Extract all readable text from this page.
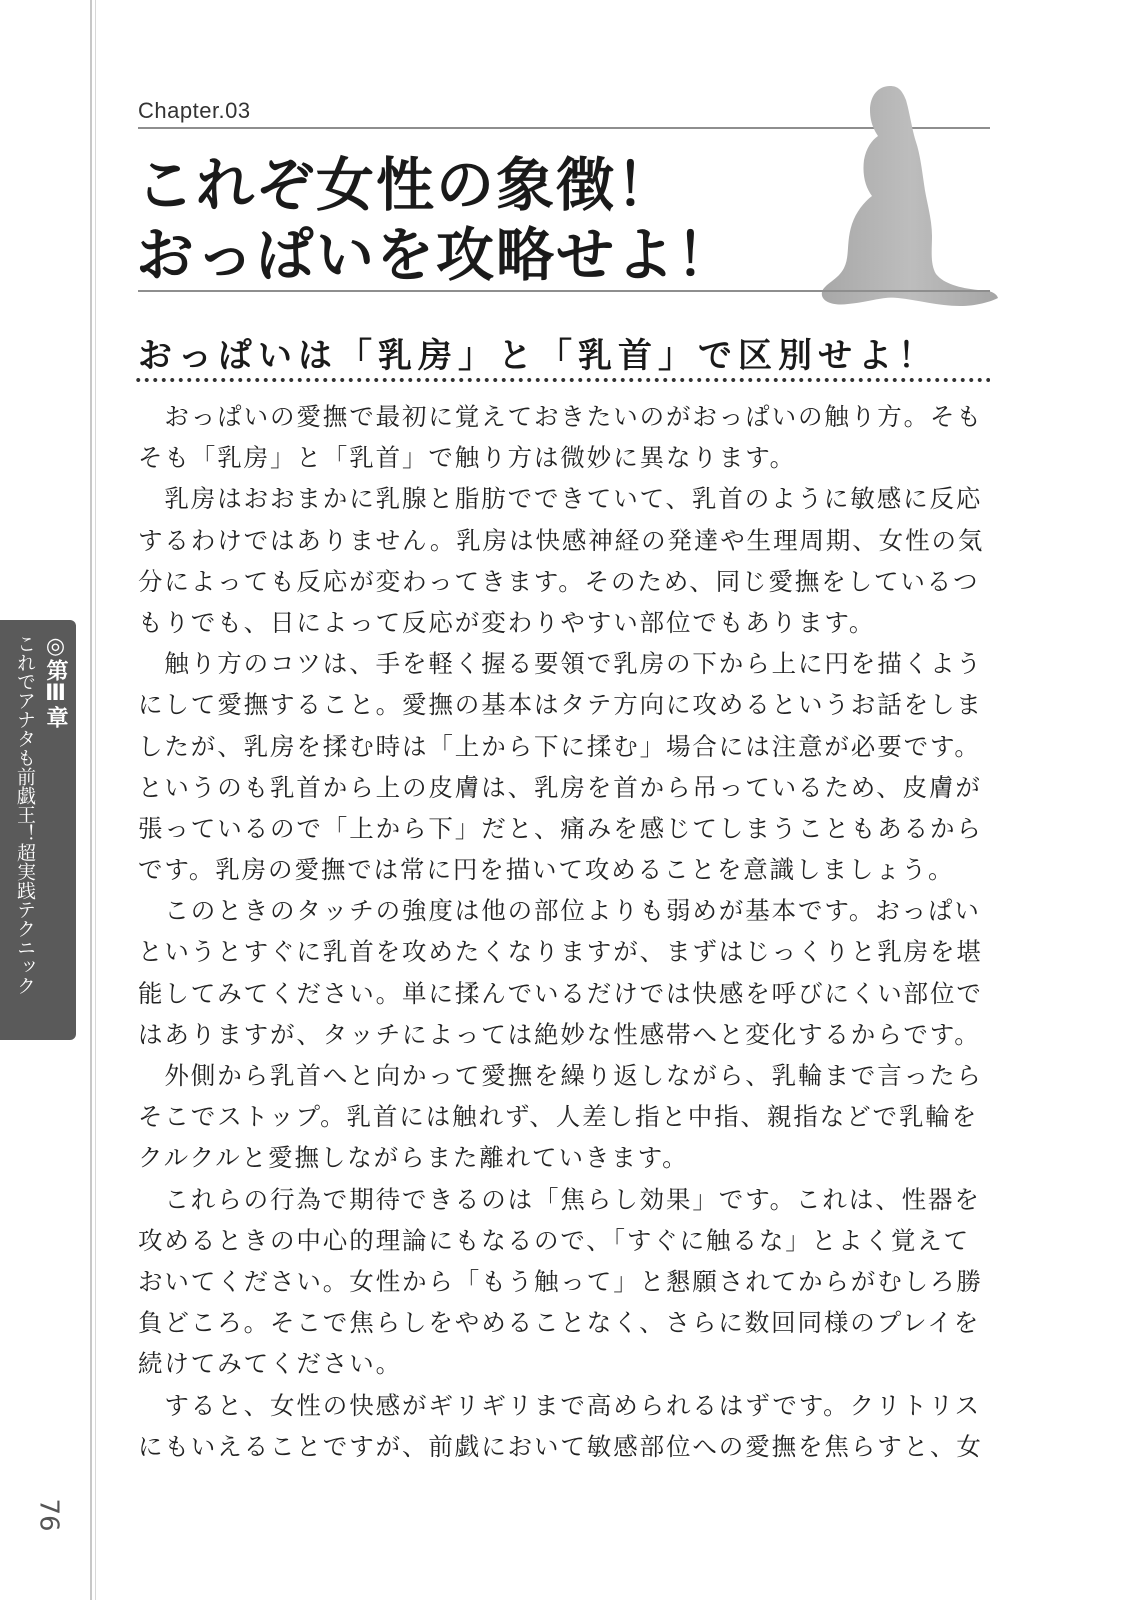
◎第Ⅲ章
これでアナタも前戯王！超実践テクニック
76
Chapter.03
これぞ女性の象徴！
おっぱいを攻略せよ！
おっぱいは「乳房」と「乳首」で区別せよ！
　おっぱいの愛撫で最初に覚えておきたいのがおっぱいの触り方。そも
そも「乳房」と「乳首」で触り方は微妙に異なります。
　乳房はおおまかに乳腺と脂肪でできていて、乳首のように敏感に反応
するわけではありません。乳房は快感神経の発達や生理周期、女性の気
分によっても反応が変わってきます。そのため、同じ愛撫をしているつ
もりでも、日によって反応が変わりやすい部位でもあります。
　触り方のコツは、手を軽く握る要領で乳房の下から上に円を描くよう
にして愛撫すること。愛撫の基本はタテ方向に攻めるというお話をしま
したが、乳房を揉む時は「上から下に揉む」場合には注意が必要です。
というのも乳首から上の皮膚は、乳房を首から吊っているため、皮膚が
張っているので「上から下」だと、痛みを感じてしまうこともあるから
です。乳房の愛撫では常に円を描いて攻めることを意識しましょう。
　このときのタッチの強度は他の部位よりも弱めが基本です。おっぱい
というとすぐに乳首を攻めたくなりますが、まずはじっくりと乳房を堪
能してみてください。単に揉んでいるだけでは快感を呼びにくい部位で
はありますが、タッチによっては絶妙な性感帯へと変化するからです。
　外側から乳首へと向かって愛撫を繰り返しながら、乳輪まで言ったら
そこでストップ。乳首には触れず、人差し指と中指、親指などで乳輪を
クルクルと愛撫しながらまた離れていきます。
　これらの行為で期待できるのは「焦らし効果」です。これは、性器を
攻めるときの中心的理論にもなるので、「すぐに触るな」とよく覚えて
おいてください。女性から「もう触って」と懇願されてからがむしろ勝
負どころ。そこで焦らしをやめることなく、さらに数回同様のプレイを
続けてみてください。
　すると、女性の快感がギリギリまで高められるはずです。クリトリス
にもいえることですが、前戯において敏感部位への愛撫を焦らすと、女
